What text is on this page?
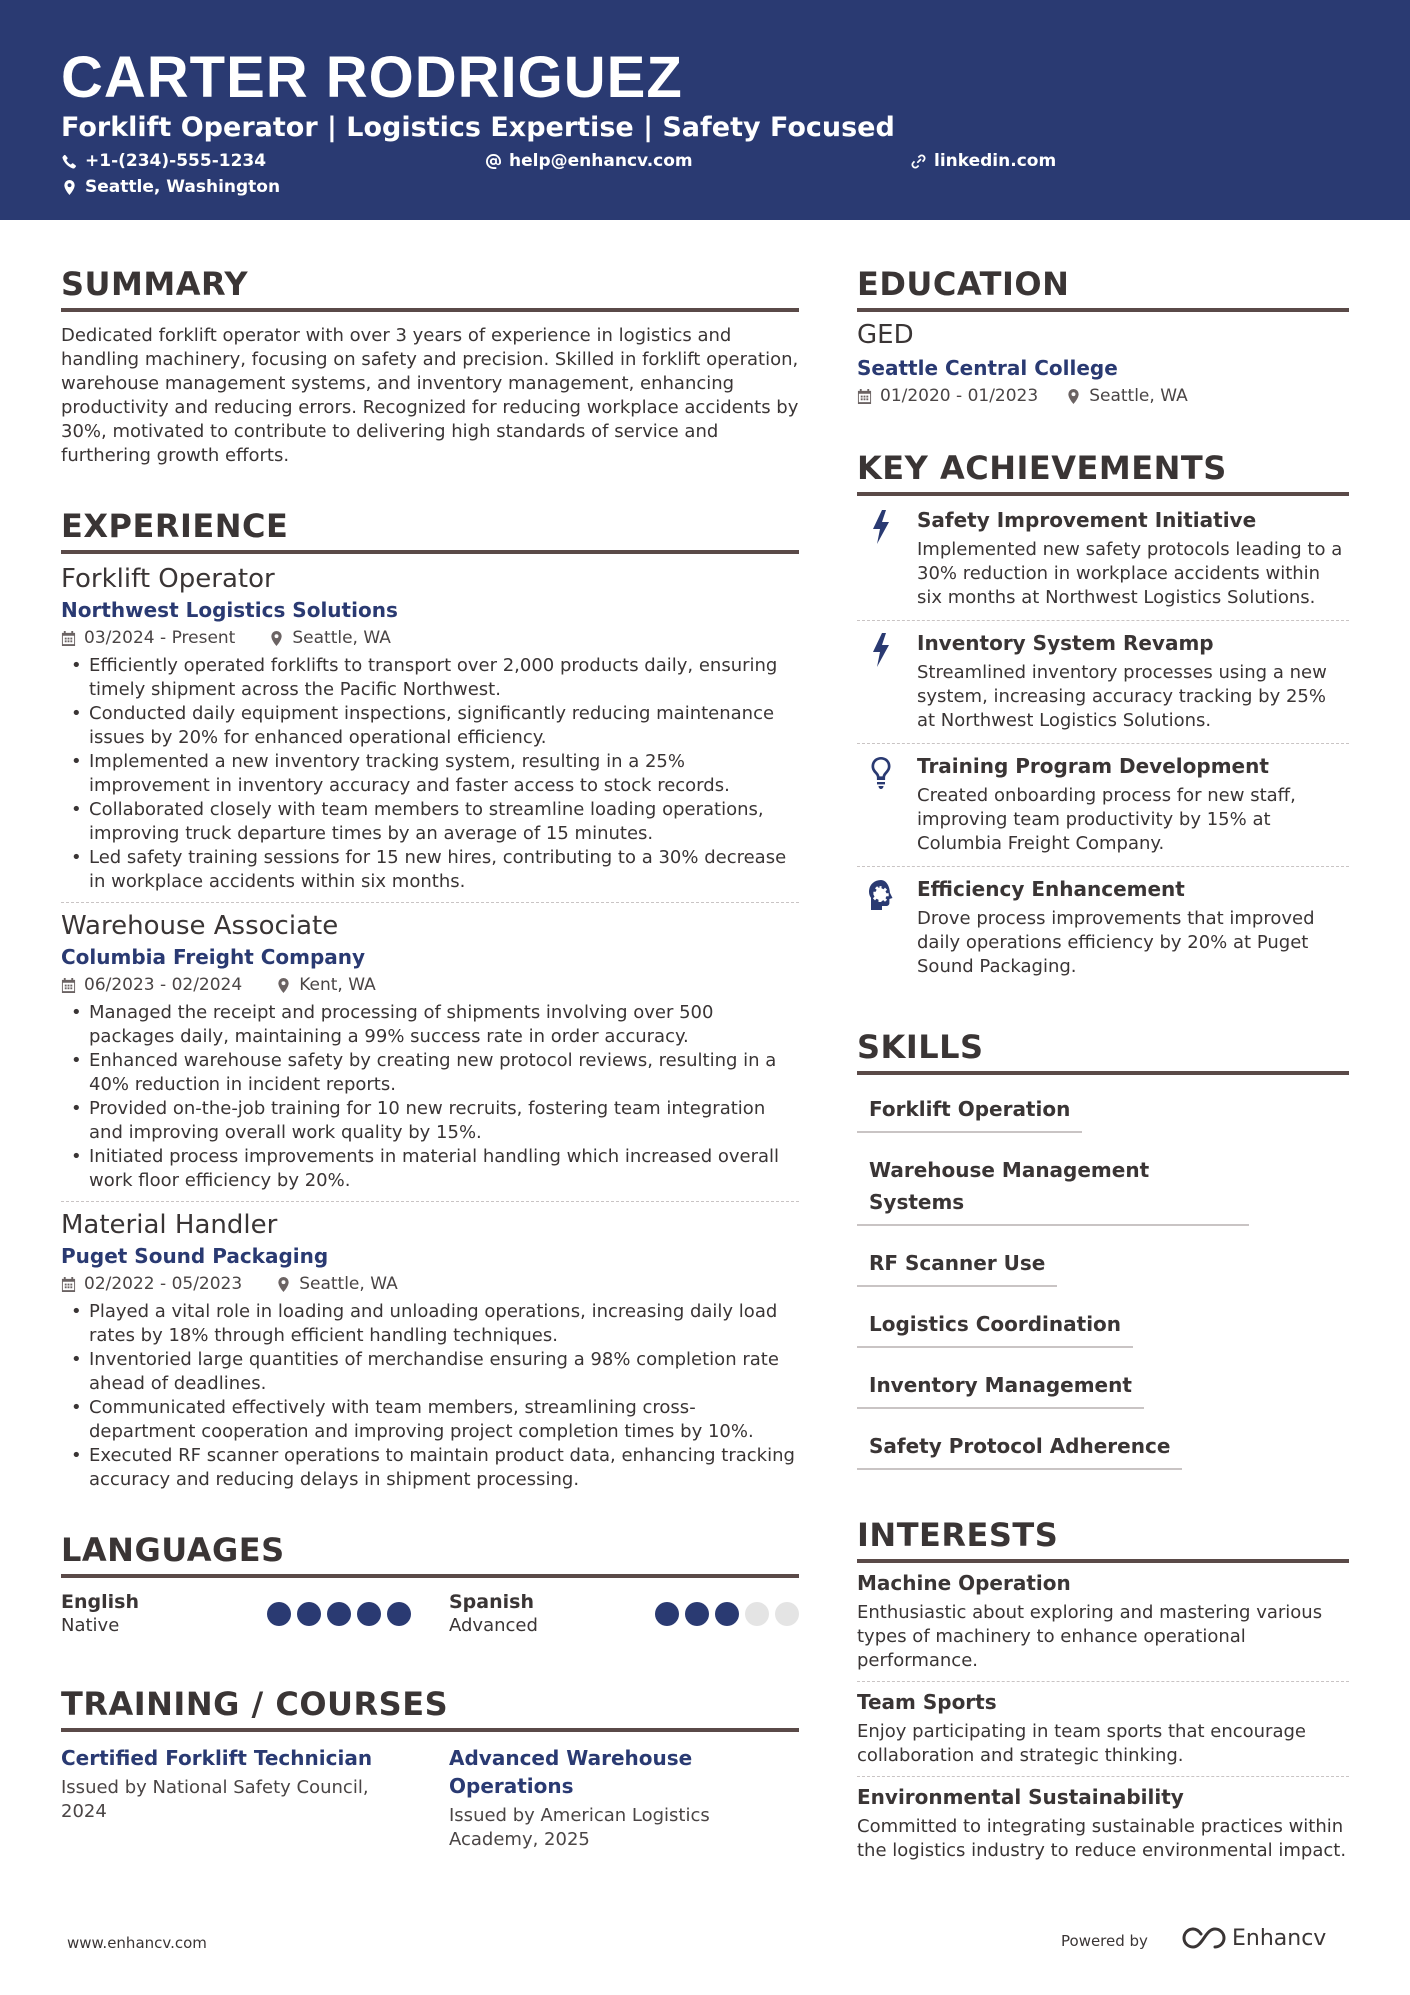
CARTER RODRIGUEZ
Forklift Operator | Logistics Expertise | Safety Focused
+1-(234)-555-1234	help@enhancv.com	linkedin.com
Seattle, Washington
SUMMARY
Dedicated forklift operator with over 3 years of experience in logistics and handling machinery, focusing on safety and precision. Skilled in forklift operation, warehouse management systems, and inventory management, enhancing productivity and reducing errors. Recognized for reducing workplace accidents by 30%, motivated to contribute to delivering high standards of service and furthering growth efforts.
EXPERIENCE
Forklift Operator
Northwest Logistics Solutions
03/2024 - Present	Seattle, WA
• Efficiently operated forklifts to transport over 2,000 products daily, ensuring timely shipment across the Pacific Northwest.
• Conducted daily equipment inspections, significantly reducing maintenance issues by 20% for enhanced operational efficiency.
• Implemented a new inventory tracking system, resulting in a 25% improvement in inventory accuracy and faster access to stock records.
• Collaborated closely with team members to streamline loading operations, improving truck departure times by an average of 15 minutes.
• Led safety training sessions for 15 new hires, contributing to a 30% decrease in workplace accidents within six months.
Warehouse Associate
Columbia Freight Company
06/2023 - 02/2024	Kent, WA
• Managed the receipt and processing of shipments involving over 500 packages daily, maintaining a 99% success rate in order accuracy.
• Enhanced warehouse safety by creating new protocol reviews, resulting in a 40% reduction in incident reports.
• Provided on-the-job training for 10 new recruits, fostering team integration and improving overall work quality by 15%.
• Initiated process improvements in material handling which increased overall work floor efficiency by 20%.
Material Handler
Puget Sound Packaging
02/2022 - 05/2023	Seattle, WA
• Played a vital role in loading and unloading operations, increasing daily load rates by 18% through efficient handling techniques.
• Inventoried large quantities of merchandise ensuring a 98% completion rate ahead of deadlines.
• Communicated effectively with team members, streamlining cross-department cooperation and improving project completion times by 10%.
• Executed RF scanner operations to maintain product data, enhancing tracking accuracy and reducing delays in shipment processing.
LANGUAGES
English
Native
Spanish
Advanced
TRAINING / COURSES
Certified Forklift Technician
Issued by National Safety Council, 2024
Advanced Warehouse Operations
Issued by American Logistics Academy, 2025
EDUCATION
GED
Seattle Central College
01/2020 - 01/2023	Seattle, WA
KEY ACHIEVEMENTS
Safety Improvement Initiative
Implemented new safety protocols leading to a 30% reduction in workplace accidents within six months at Northwest Logistics Solutions.
Inventory System Revamp
Streamlined inventory processes using a new system, increasing accuracy tracking by 25% at Northwest Logistics Solutions.
Training Program Development
Created onboarding process for new staff, improving team productivity by 15% at Columbia Freight Company.
Efficiency Enhancement
Drove process improvements that improved daily operations efficiency by 20% at Puget Sound Packaging.
SKILLS
Forklift Operation
Warehouse Management Systems
RF Scanner Use
Logistics Coordination
Inventory Management
Safety Protocol Adherence
INTERESTS
Machine Operation
Enthusiastic about exploring and mastering various types of machinery to enhance operational performance.
Team Sports
Enjoy participating in team sports that encourage collaboration and strategic thinking.
Environmental Sustainability
Committed to integrating sustainable practices within the logistics industry to reduce environmental impact.
www.enhancv.com	Powered by	Enhancv
